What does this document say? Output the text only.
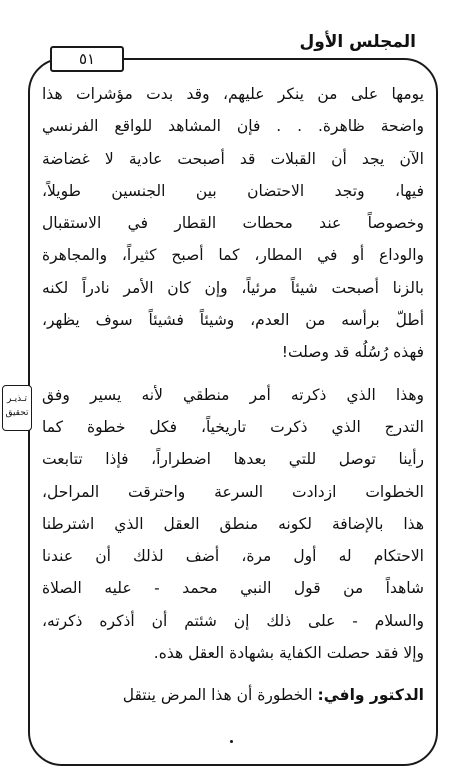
المجلس الأول
٥١
تـذيـر
تحقيق
يومها على من ينكر عليهم، وقد بدت مؤشرات هذا
واضحة ظاهرة. . . فإن المشاهد للواقع الفرنسي
الآن يجد أن القبلات قد أصبحت عادية لا غضاضة
فيها، وتجد الاحتضان بين الجنسين طويلاً،
وخصوصاً عند محطات القطار في الاستقبال
والوداع أو في المطار، كما أصبح كثيراً، والمجاهرة
بالزنا أصبحت شيئاً مرئياً، وإن كان الأمر نادراً لكنه
أطلّ برأسه من العدم، وشيئاً فشيئاً سوف يظهر،
فهذه رُسُلُه قد وصلت!
وهذا الذي ذكرته أمر منطقي لأنه يسير وفق
التدرج الذي ذكرت تاريخياً، فكل خطوة كما
رأينا توصل للتي بعدها اضطراراً، فإذا تتابعت
الخطوات ازدادت السرعة واحترقت المراحل،
هذا بالإضافة لكونه منطق العقل الذي اشترطنا
الاحتكام له أول مرة، أضف لذلك أن عندنا
شاهداً من قول النبي محمد - عليه الصلاة
والسلام - على ذلك إن شئتم أن أذكره ذكرته،
وإلا فقد حصلت الكفاية بشهادة العقل هذه.
الدكتور وافي: الخطورة أن هذا المرض ينتقل
